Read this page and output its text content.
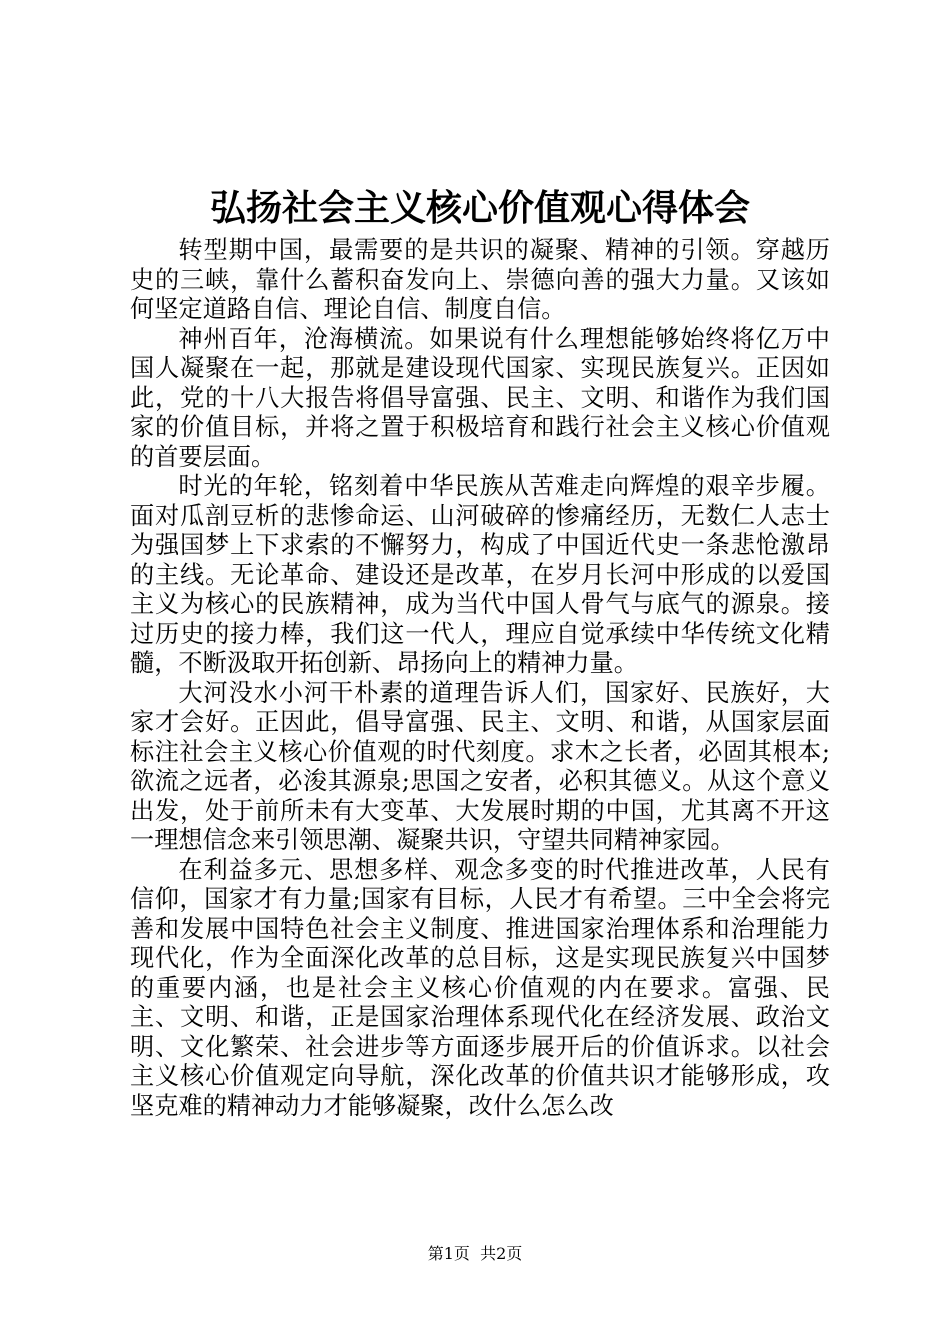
弘扬社会主义核心价值观心得体会

转型期中国，最需要的是共识的凝聚、精神的引领。穿越历史的三峡，靠什么蓄积奋发向上、崇德向善的强大力量。又该如何坚定道路自信、理论自信、制度自信。

神州百年，沧海横流。如果说有什么理想能够始终将亿万中国人凝聚在一起，那就是建设现代国家、实现民族复兴。正因如此，党的十八大报告将倡导富强、民主、文明、和谐作为我们国家的价值目标，并将之置于积极培育和践行社会主义核心价值观的首要层面。

时光的年轮，铭刻着中华民族从苦难走向辉煌的艰辛步履。面对瓜剖豆析的悲惨命运、山河破碎的惨痛经历，无数仁人志士为强国梦上下求索的不懈努力，构成了中国近代史一条悲怆激昂的主线。无论革命、建设还是改革，在岁月长河中形成的以爱国主义为核心的民族精神，成为当代中国人骨气与底气的源泉。接过历史的接力棒，我们这一代人，理应自觉承续中华传统文化精髓，不断汲取开拓创新、昂扬向上的精神力量。

大河没水小河干朴素的道理告诉人们，国家好、民族好，大家才会好。正因此，倡导富强、民主、文明、和谐，从国家层面标注社会主义核心价值观的时代刻度。求木之长者，必固其根本;欲流之远者，必浚其源泉;思国之安者，必积其德义。从这个意义出发，处于前所未有大变革、大发展时期的中国，尤其离不开这一理想信念来引领思潮、凝聚共识，守望共同精神家园。

在利益多元、思想多样、观念多变的时代推进改革，人民有信仰，国家才有力量;国家有目标，人民才有希望。三中全会将完善和发展中国特色社会主义制度、推进国家治理体系和治理能力现代化，作为全面深化改革的总目标，这是实现民族复兴中国梦的重要内涵，也是社会主义核心价值观的内在要求。富强、民主、文明、和谐，正是国家治理体系现代化在经济发展、政治文明、文化繁荣、社会进步等方面逐步展开后的价值诉求。以社会主义核心价值观定向导航，深化改革的价值共识才能够形成，攻坚克难的精神动力才能够凝聚，改什么怎么改

第1页  共2页
